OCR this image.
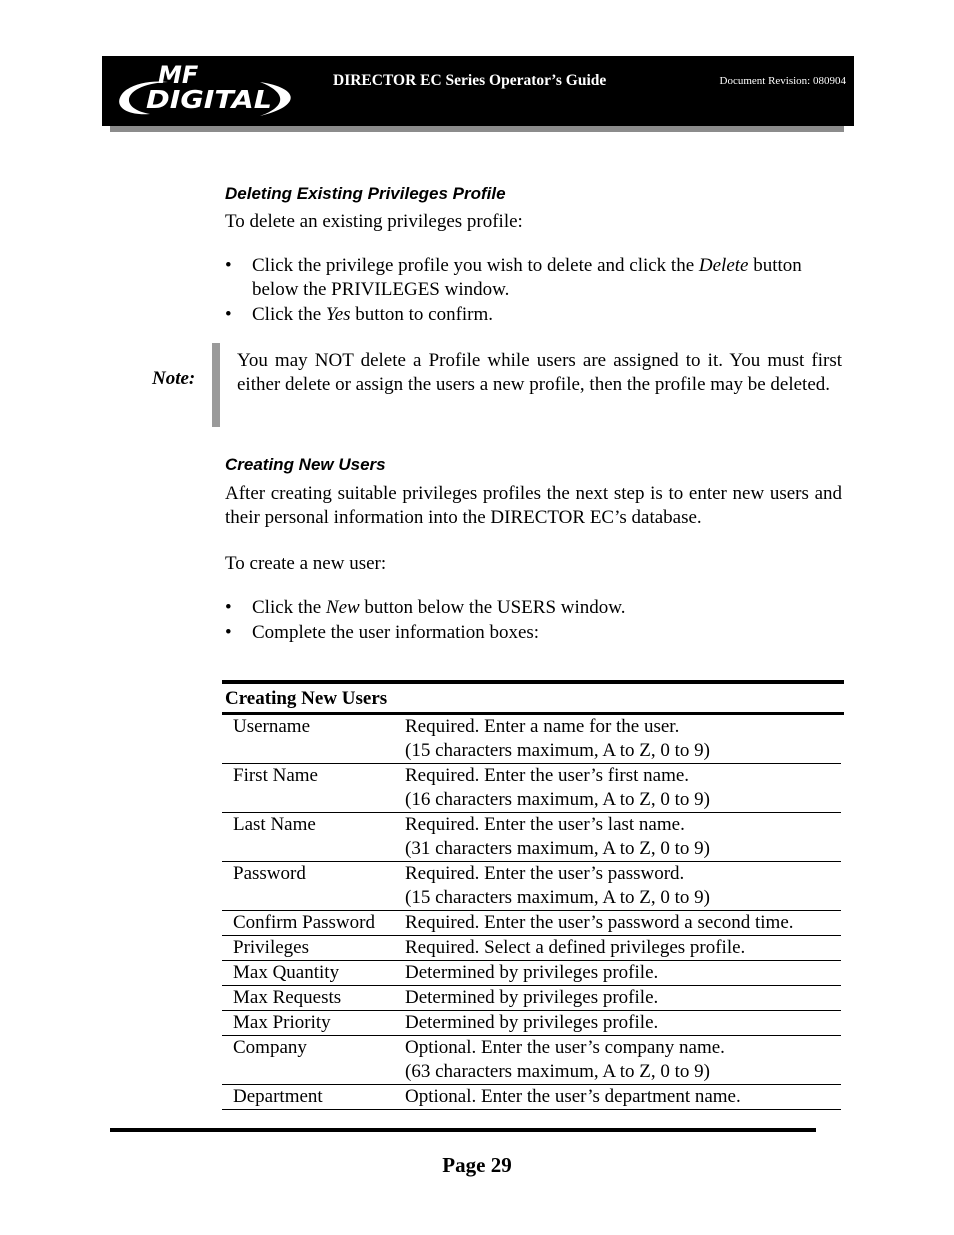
MF
DIGITAL
DIRECTOR EC Series Operator’s Guide	Document Revision: 080904
Deleting Existing Privileges Profile
To delete an existing privileges profile:
• Click the privilege profile you wish to delete and click the Delete button below the PRIVILEGES window.
• Click the Yes button to confirm.
Note:
You may NOT delete a Profile while users are assigned to it. You must first either delete or assign the users a new profile, then the profile may be deleted.
Creating New Users
After creating suitable privileges profiles the next step is to enter new users and their personal information into the DIRECTOR EC’s database.
To create a new user:
• Click the New button below the USERS window.
• Complete the user information boxes:
Creating New Users
Username	Required. Enter a name for the user.
(15 characters maximum, A to Z, 0 to 9)
First Name	Required. Enter the user’s first name.
(16 characters maximum, A to Z, 0 to 9)
Last Name	Required. Enter the user’s last name.
(31 characters maximum, A to Z, 0 to 9)
Password	Required. Enter the user’s password.
(15 characters maximum, A to Z, 0 to 9)
Confirm Password	Required. Enter the user’s password a second time.
Privileges	Required. Select a defined privileges profile.
Max Quantity	Determined by privileges profile.
Max Requests	Determined by privileges profile.
Max Priority	Determined by privileges profile.
Company	Optional. Enter the user’s company name.
(63 characters maximum, A to Z, 0 to 9)
Department	Optional. Enter the user’s department name.
Page 29
